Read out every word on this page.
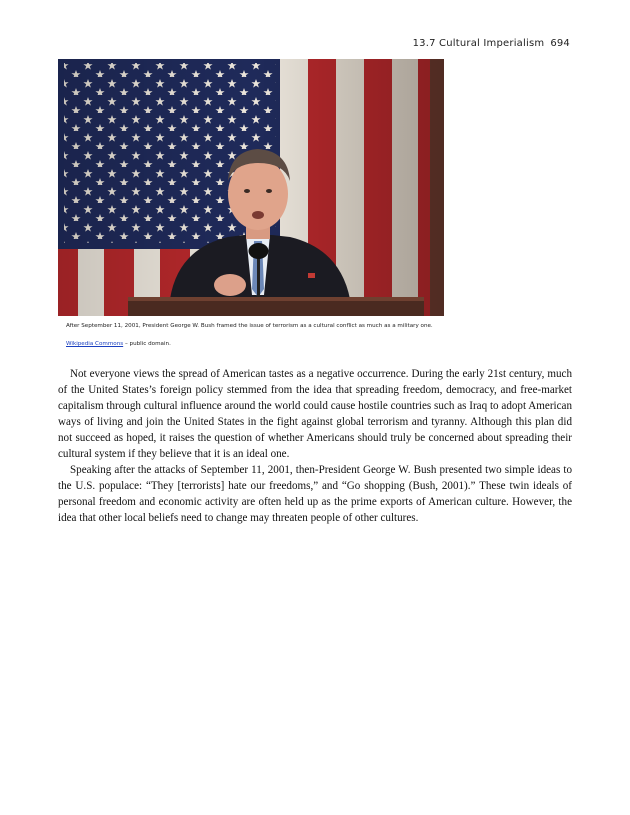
13.7 Cultural Imperialism 694
After September 11, 2001, President George W. Bush framed the issue of terrorism as a cultural conflict as much as a military one.
Wikipedia Commons – public domain.

Not everyone views the spread of American tastes as a negative occurrence. During the early 21st century, much of the United States’s foreign policy stemmed from the idea that spreading freedom, democracy, and free-market capitalism through cultural influence around the world could cause hostile countries such as Iraq to adopt American ways of living and join the United States in the fight against global terrorism and tyranny. Although this plan did not succeed as hoped, it raises the question of whether Americans should truly be concerned about spreading their cultural system if they believe that it is an ideal one.

Speaking after the attacks of September 11, 2001, then-President George W. Bush presented two simple ideas to the U.S. populace: “They [terrorists] hate our freedoms,” and “Go shopping (Bush, 2001).” These twin ideals of personal freedom and economic activity are often held up as the prime exports of American culture. However, the idea that other local beliefs need to change may threaten people of other cultures.
